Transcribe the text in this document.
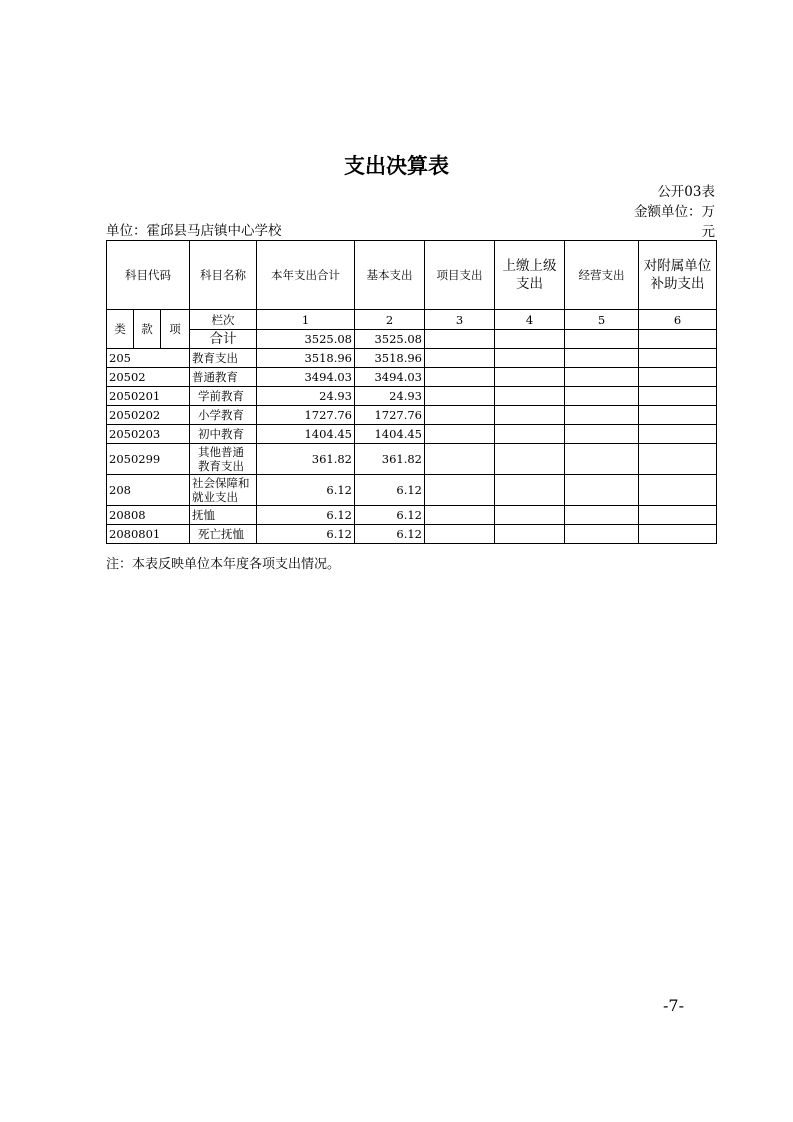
支出决算表
公开03表
金额单位：万
元
单位：霍邱县马店镇中心学校
科目代码			科目名称	本年支出合计	基本支出	项目支出	上缴上级支出	经营支出	对附属单位补助支出
类	款	项	栏次	1	2	3	4	5	6
			合计	3525.08	3525.08				
205			教育支出	3518.96	3518.96				
20502			普通教育	3494.03	3494.03				
2050201			学前教育	24.93	24.93				
2050202			小学教育	1727.76	1727.76				
2050203			初中教育	1404.45	1404.45				
2050299			其他普通教育支出	361.82	361.82				
208			社会保障和就业支出	6.12	6.12				
20808			抚恤	6.12	6.12				
2080801			死亡抚恤	6.12	6.12				
注：本表反映单位本年度各项支出情况。
-7-
